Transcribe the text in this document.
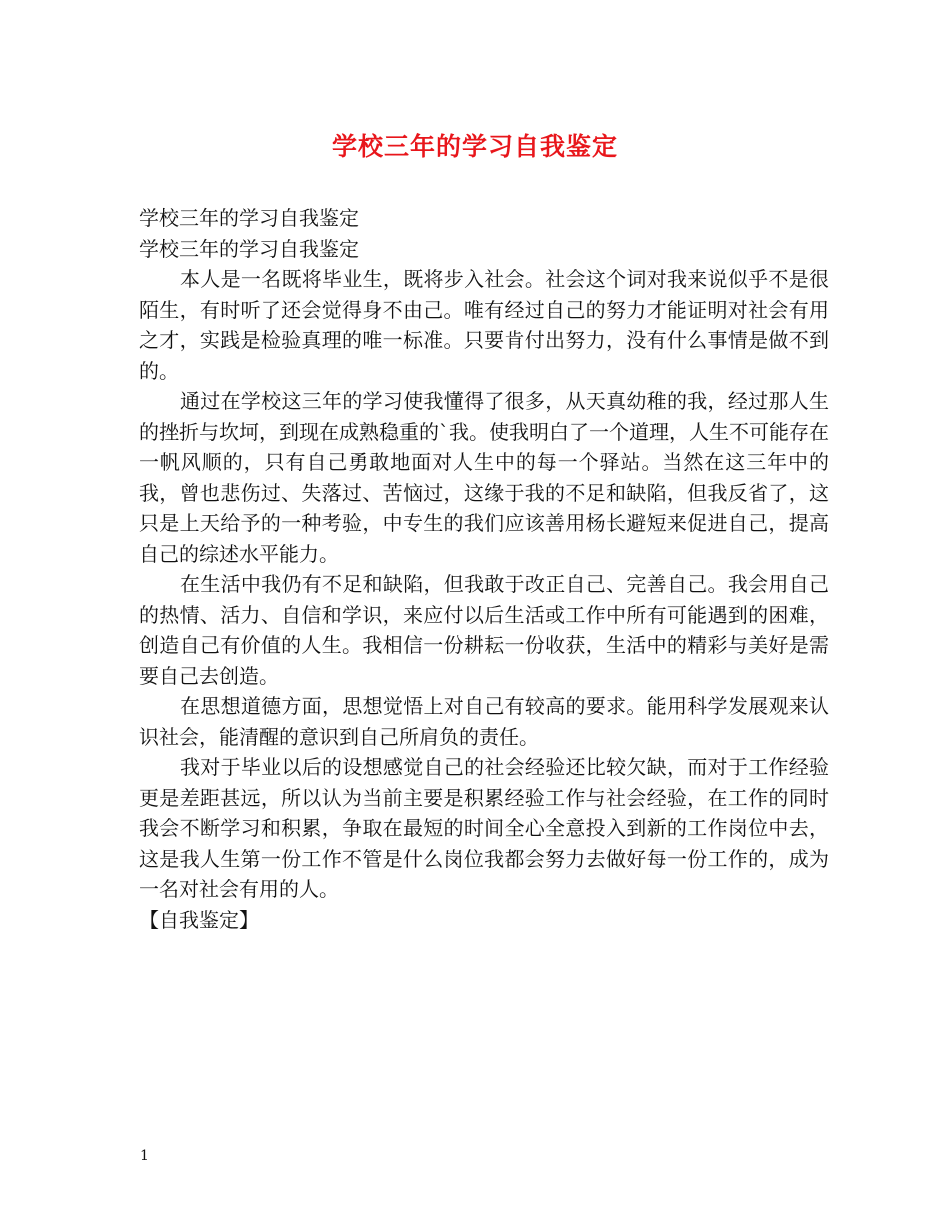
学校三年的学习自我鉴定

学校三年的学习自我鉴定

学校三年的学习自我鉴定

本人是一名既将毕业生，既将步入社会。社会这个词对我来说似乎不是很陌生，有时听了还会觉得身不由己。唯有经过自己的努力才能证明对社会有用之才，实践是检验真理的唯一标准。只要肯付出努力，没有什么事情是做不到的。

通过在学校这三年的学习使我懂得了很多，从天真幼稚的我，经过那人生的挫折与坎坷，到现在成熟稳重的`我。使我明白了一个道理，人生不可能存在一帆风顺的，只有自己勇敢地面对人生中的每一个驿站。当然在这三年中的我，曾也悲伤过、失落过、苦恼过，这缘于我的不足和缺陷，但我反省了，这只是上天给予的一种考验，中专生的我们应该善用杨长避短来促进自己，提高自己的综述水平能力。

在生活中我仍有不足和缺陷，但我敢于改正自己、完善自己。我会用自己的热情、活力、自信和学识，来应付以后生活或工作中所有可能遇到的困难，创造自己有价值的人生。我相信一份耕耘一份收获，生活中的精彩与美好是需要自己去创造。

在思想道德方面，思想觉悟上对自己有较高的要求。能用科学发展观来认识社会，能清醒的意识到自己所肩负的责任。

我对于毕业以后的设想感觉自己的社会经验还比较欠缺，而对于工作经验更是差距甚远，所以认为当前主要是积累经验工作与社会经验，在工作的同时我会不断学习和积累，争取在最短的时间全心全意投入到新的工作岗位中去，这是我人生第一份工作不管是什么岗位我都会努力去做好每一份工作的，成为一名对社会有用的人。

【自我鉴定】

1
